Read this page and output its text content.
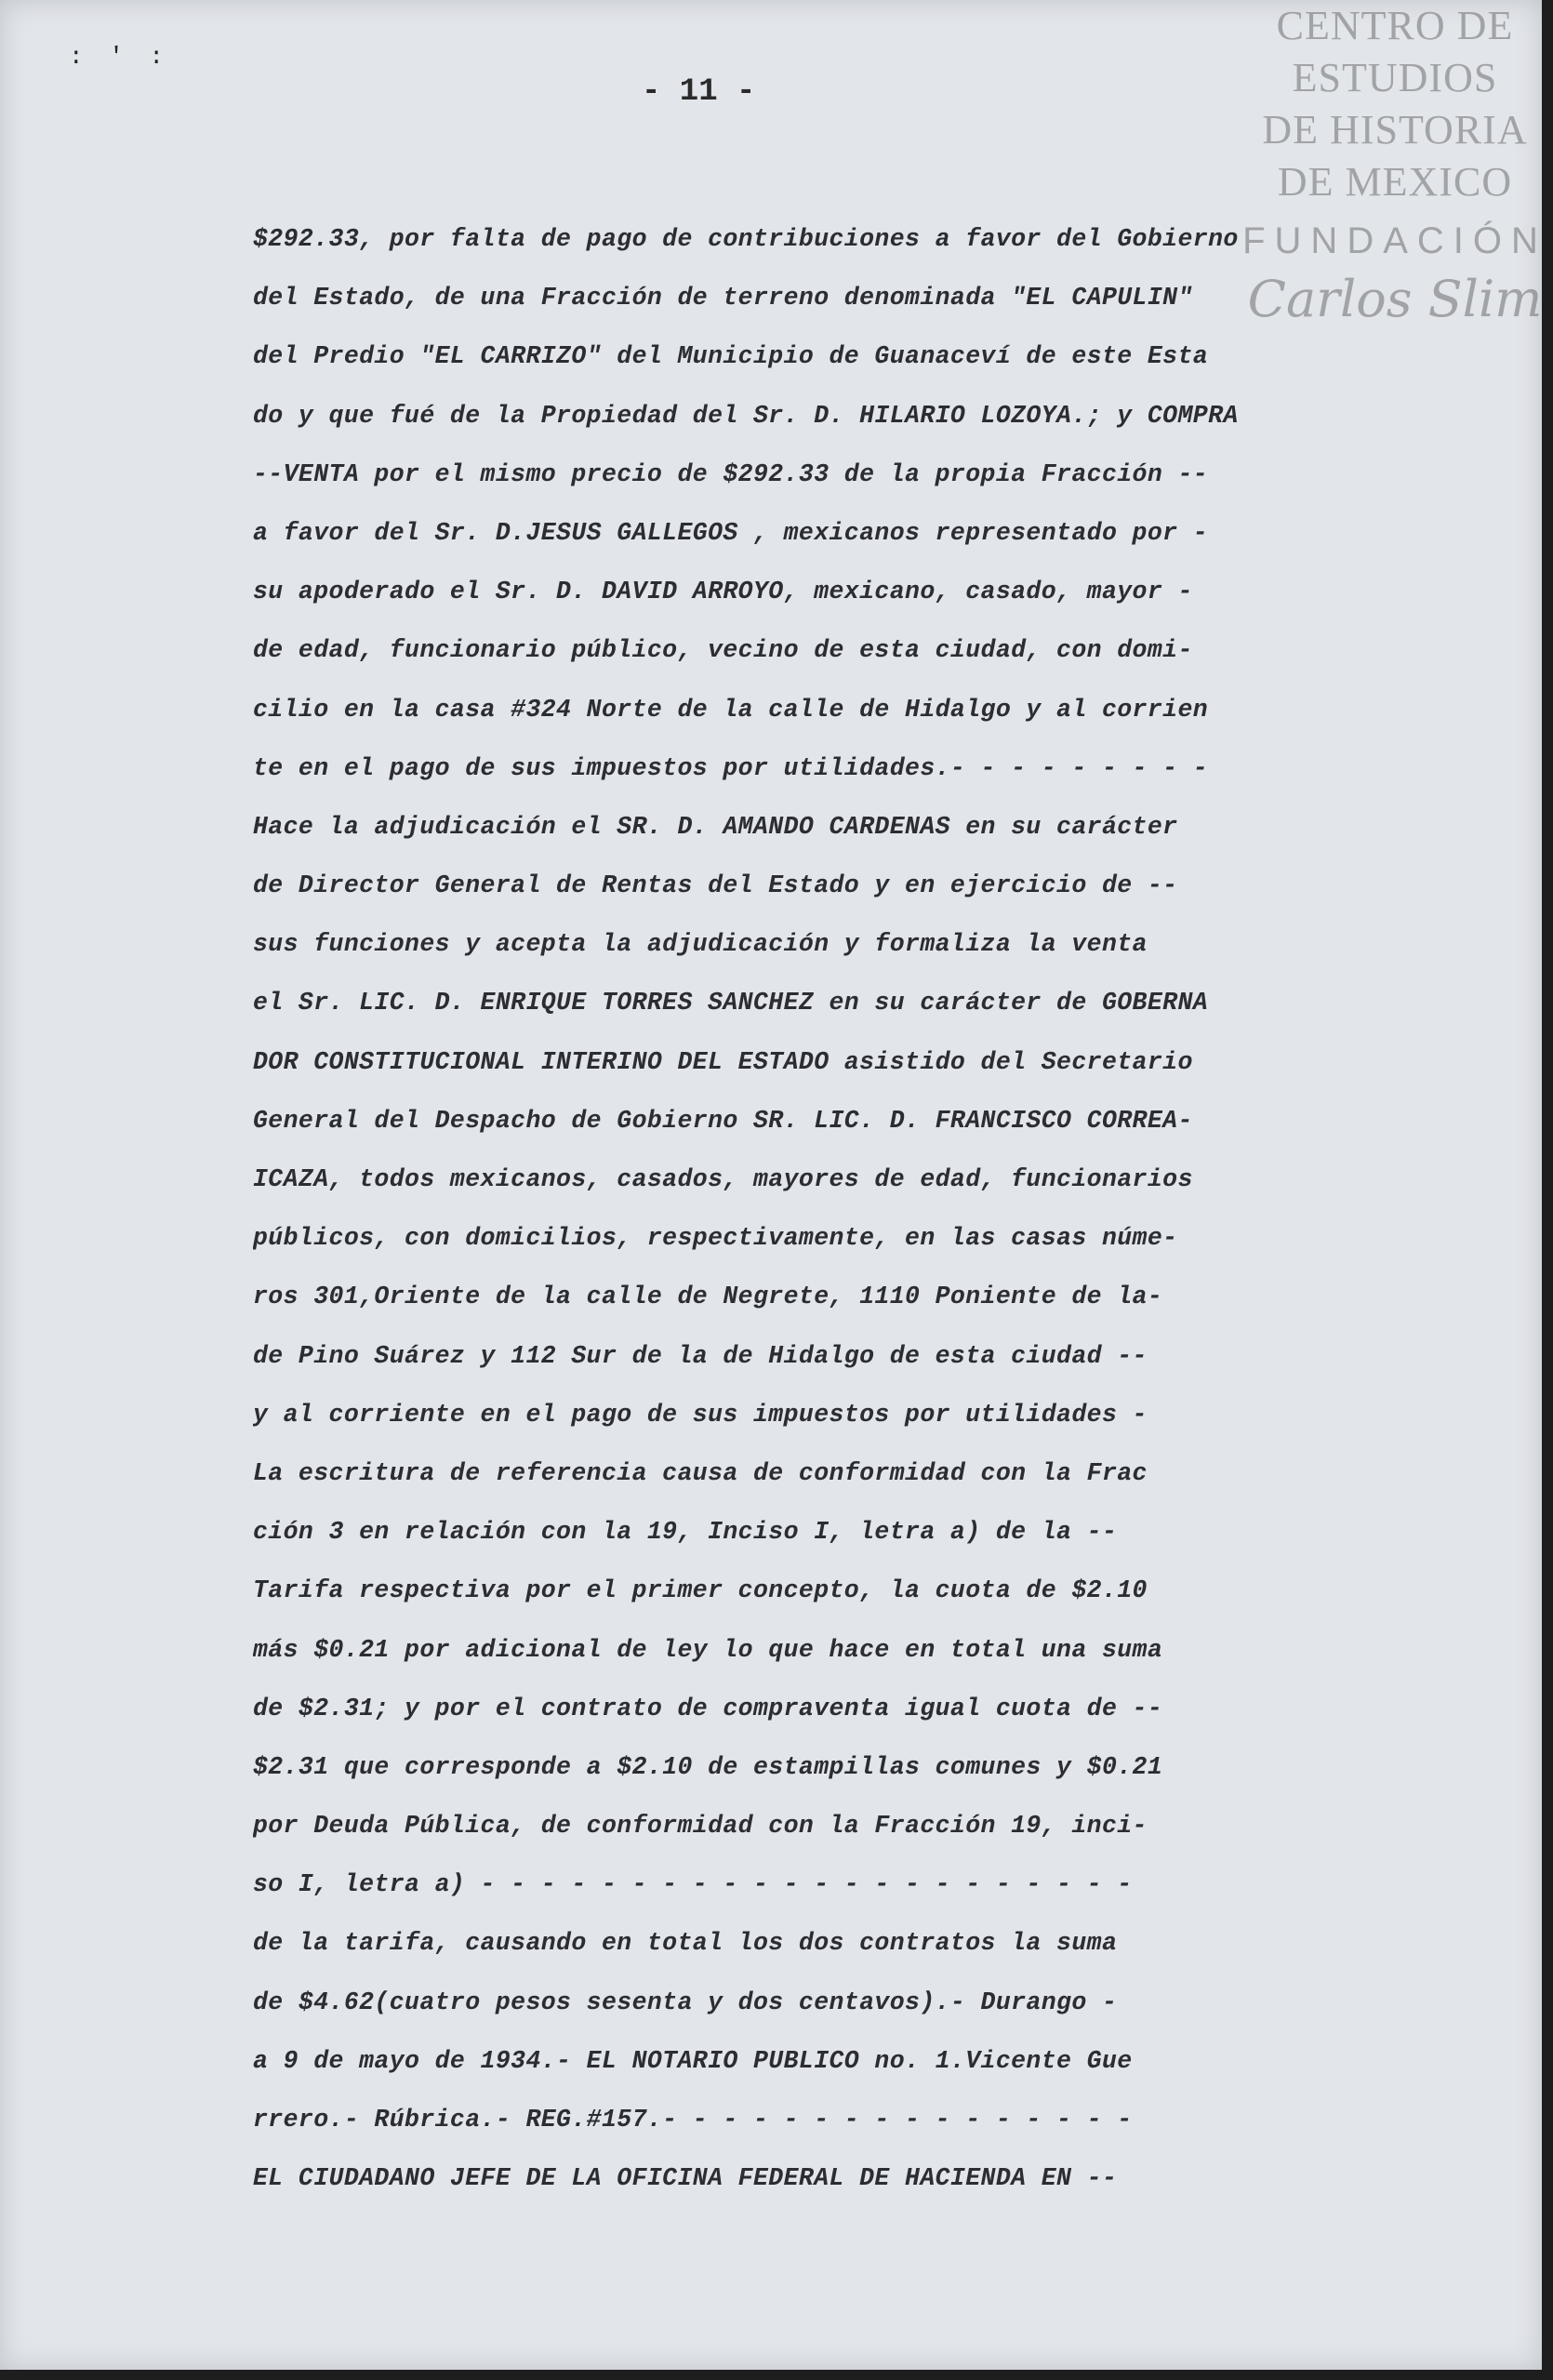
: ' :
- 11 -
CENTRO DE
ESTUDIOS
DE HISTORIA
DE MEXICO
FUNDACIÓN
Carlos Slim
$292.33, por falta de pago de contribuciones a favor del Gobierno
del Estado, de una Fracción de terreno denominada "EL CAPULIN"
del Predio "EL CARRIZO" del Municipio de Guanaceví de este Esta
do y que fué de la Propiedad del Sr. D. HILARIO LOZOYA.; y COMPRA
--VENTA por el mismo precio de $292.33 de la propia Fracción --
a favor del Sr. D.JESUS GALLEGOS , mexicanos representado por -
su apoderado el Sr. D. DAVID ARROYO, mexicano, casado, mayor -
de edad, funcionario público, vecino de esta ciudad, con domi-
cilio en la casa #324 Norte de la calle de Hidalgo y al corrien
te en el pago de sus impuestos por utilidades.- - - - - - - - -
Hace la adjudicación el SR. D. AMANDO CARDENAS en su carácter
de Director General de Rentas del Estado y en ejercicio de --
sus funciones y acepta la adjudicación y formaliza la venta
el Sr. LIC. D. ENRIQUE TORRES SANCHEZ en su carácter de GOBERNA
DOR CONSTITUCIONAL INTERINO DEL ESTADO asistido del Secretario
General del Despacho de Gobierno SR. LIC. D. FRANCISCO CORREA-
ICAZA, todos mexicanos, casados, mayores de edad, funcionarios
públicos, con domicilios, respectivamente, en las casas núme-
ros 301,Oriente de la calle de Negrete, 1110 Poniente de la-
de Pino Suárez y 112 Sur de la de Hidalgo de esta ciudad --
y al corriente en el pago de sus impuestos por utilidades -
La escritura de referencia causa de conformidad con la Frac
ción 3 en relación con la 19, Inciso I, letra a) de la --
Tarifa respectiva por el primer concepto, la cuota de $2.10
más $0.21 por adicional de ley lo que hace en total una suma
de $2.31; y por el contrato de compraventa igual cuota de --
$2.31 que corresponde a $2.10 de estampillas comunes y $0.21
por Deuda Pública, de conformidad con la Fracción 19, inci-
so I, letra a) - - - - - - - - - - - - - - - - - - - - - -
de la tarifa, causando en total los dos contratos la suma
de $4.62(cuatro pesos sesenta y dos centavos).- Durango -
a 9 de mayo de 1934.- EL NOTARIO PUBLICO no. 1.Vicente Gue
rrero.- Rúbrica.- REG.#157.- - - - - - - - - - - - - - - -
EL CIUDADANO JEFE DE LA OFICINA FEDERAL DE HACIENDA EN --
